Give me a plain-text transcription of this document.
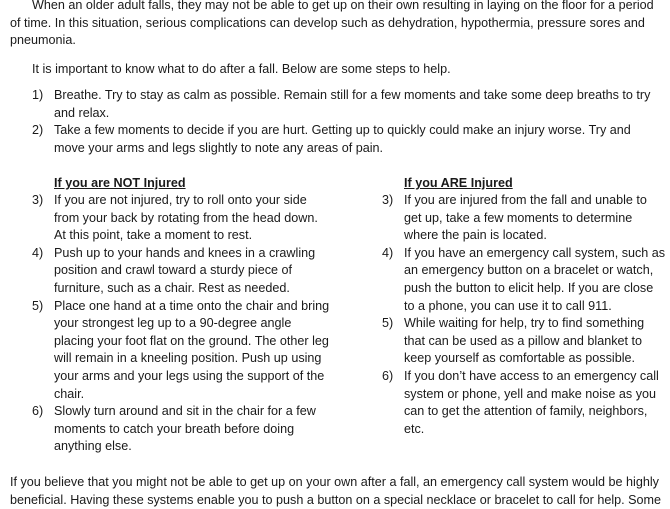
When an older adult falls, they may not be able to get up on their own resulting in laying on the floor for a period of time. In this situation, serious complications can develop such as dehydration, hypothermia, pressure sores and pneumonia.

It is important to know what to do after a fall. Below are some steps to help.

1) Breathe. Try to stay as calm as possible. Remain still for a few moments and take some deep breaths to try and relax.

2) Take a few moments to decide if you are hurt. Getting up to quickly could make an injury worse. Try and move your arms and legs slightly to note any areas of pain.

If you are NOT Injured

3) If you are not injured, try to roll onto your side from your back by rotating from the head down. At this point, take a moment to rest.

4) Push up to your hands and knees in a crawling position and crawl toward a sturdy piece of furniture, such as a chair. Rest as needed.

5) Place one hand at a time onto the chair and bring your strongest leg up to a 90-degree angle placing your foot flat on the ground. The other leg will remain in a kneeling position. Push up using your arms and your legs using the support of the chair.

6) Slowly turn around and sit in the chair for a few moments to catch your breath before doing anything else.

If you ARE Injured

3) If you are injured from the fall and unable to get up, take a few moments to determine where the pain is located.

4) If you have an emergency call system, such as an emergency button on a bracelet or watch, push the button to elicit help. If you are close to a phone, you can use it to call 911.

5) While waiting for help, try to find something that can be used as a pillow and blanket to keep yourself as comfortable as possible.

6) If you don’t have access to an emergency call system or phone, yell and make noise as you can to get the attention of family, neighbors, etc.

If you believe that you might not be able to get up on your own after a fall, an emergency call system would be highly beneficial. Having these systems enable you to push a button on a special necklace or bracelet to call for help. Some
